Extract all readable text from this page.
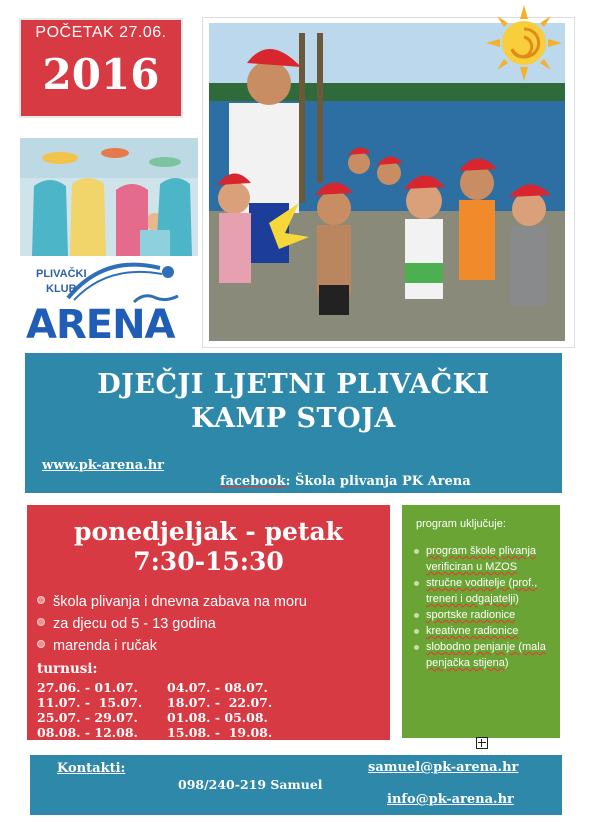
POČETAK 27.06.
2016
PLIVAČKI
KLUB
ARENA
DJEČJI LJETNI PLIVAČKI
KAMP STOJA
www.pk-arena.hr
facebook: Škola plivanja PK Arena
ponedjeljak - petak
7:30-15:30
škola plivanja i dnevna zabava na moru
za djecu od 5 - 13 godina
marenda i ručak
turnusi:
27.06. - 01.07. 04.07. - 08.07.
11.07. -  15.07. 18.07. -  22.07.
25.07. - 29.07. 01.08. - 05.08.
08.08. - 12.08. 15.08. -  19.08.
program uključuje:
program škole plivanja verificiran u MZOS
stručne voditelje (prof., treneri i odgajatelji)
sportske radionice
kreativne radionice
slobodno penjanje (mala penjačka stijena)
Kontakti:
098/240-219 Samuel
samuel@pk-arena.hr
info@pk-arena.hr
